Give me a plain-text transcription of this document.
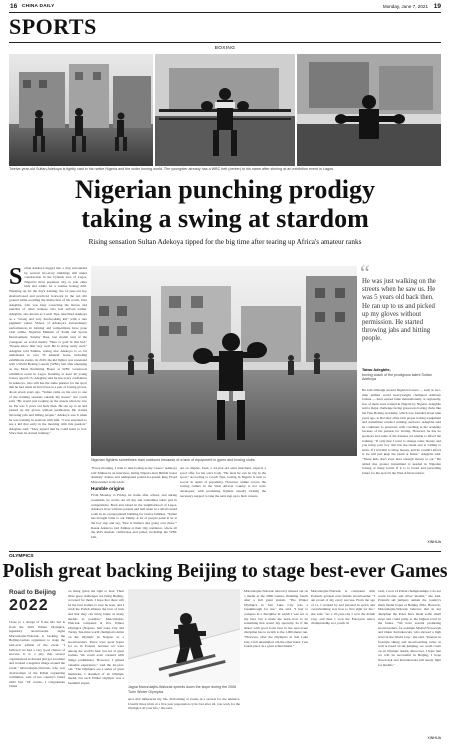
16 CHINA DAILY	Monday, June 7, 2021 19
SPORTS
BOXING
Twelve-year-old Sultan Adekoya is tightly cast in his native Nigeria and the wider boxing world. The youngster already has a WBC belt (center) to his name after shining at an exhibition event in Lagos.
Nigerian punching prodigy
taking a swing at stardom
Rising sensation Sultan Adekoya tipped for the big time after tearing up Africa's amateur ranks
S ultan Adekoya lugged into a ring surrounded by several two-story buildings still under construction in the bylands area of Lagos, Nigeria's most populous city, to join other kids and adults for a routine boxing drill. Warming up for the day's training, the 12-year-old boy shadowboxed and practiced footwork in the red dirt ground while recalling the instruction of his coach, Tobi Adegbite, who was busy correcting the moves and punches of other trainees who had arrived earlier. Adegbite, also known as Coach Tipa, described Adekoya as a "strong and very hardworking kid" with a rare pugilistic talent. Videos of Adekoya's extraordinary performances in training and competitions have gone viral online. Nigerian Minister of Youth and Sports Development, Sunday Dare, last month said of the youngster on social media: "Here is gold in this kid." "People know him very well. He is doing really well," Adegbite told Xinhua, noting that Adekoya is so far undefeated in over 50 amateur bouts, including exhibitions events. In 2019, the kid fighter was presented with a World Boxing Council (WBC) belt after emerging as the Most Promising Boxer at WBC Grassroots exhibition event in Lagos featuring at least 40 young boxers aged 6-15. Adegbite said he has every confidence in Adekoya, who still has the same passion for the sport that he had when he first tried on a pair of boxing gloves, about seven years ago. "Sultan came on his own to one of the training sessions outside my house," the coach said. "He wasn't just looking on the streets when he saw us. He was 5 years old back then. He ran up to us and picked up my gloves without permission. He started throwing jabs and hitting people." Adekoya was 6 when he was training in sessions with him. "I was surprised to see a kid that early in the morning with this passion," Adegbite said. "They agreed that he could learn to box. Since then he started training."
“
He was just walking on the streets when he saw us. He was 5 years old back then. He ran up to us and picked up my gloves without permission. He started throwing jabs and hitting people.
Taiwo Adegbite,
boxing coach of the prodigious talent Sultan Adekoya
He said although several Nigerian boxers — such as two-time unified world heavyweight champion Anthony Joshua — have earned fame internationally or regionally, few of them were trained in Nigeria by Nigeria. Adegbite said a major challenge facing grassroots boxing clubs like his Tipa Boxing Academy, which was founded about nine years ago, is that they often lack proper boxing equipment and sometimes conduct training outdoors. Adegbite said he continues to persevere with coaching at his academy because of his passion for boxing. However, he has no sponsors and some of the trainees are unable to afford the training. "If only that I want to change some money and you bring your boy that has the talent and is willing to learn. If I tell him to bring money, and he couldn't afford it, he will just keep the talent at home," Adegbite said. "These kids don't even have enough money to eat." He added that greater investment is needed in Nigerian boxing at many levels if it is to breed and prevailing future for the sport in the West African nation.
XINHUA
Nigerian fighters sometimes train outdoors because of a lack of equipment in gyms and boxing clubs.
"Every morning, I want to take boxing as my career," Adekoya told Xinhua in an interview, listing Nigeria-born British boxer Anthony Joshua and undisputed pound-for-pound king Floyd Mayweather as his idols.
Humble origins
From Monday to Friday, he trains after school, and during weekends, he works out all day and sometimes takes part in competitions. Born and raised in the neighborhood of Lagos, Adekoya lives with his parents and half sister in a small rented room in an overpopulated building for twelve families. "Sultan has brought fame to our family. A lot of people point at us at the boy step and say, 'That is Sultan's dad going over there,'" Rasak Adekoya told Xinhua at their tiny residence, where all the kid's medals, certificates and prizes, including the WBC belt,
are on display. Teen, a 44-year-old sales merchant, expects a good offer for his son's body. "He feels he can be big in the sport," According to Coach Tipa, boxing in Nigeria is next to soccer in terms of popularity. However, unlike soccer, the boxing culture in the West African country is not well-developed, with promising fighters usually lacking the necessary support to take the next step up to their careers.
OLYMPICS
Polish great backing Beijing to stage best-ever Games
Road to Beijing
2022
Close to a charge of 8 the Mo Sul is from the 2022 Winter Olympics, legendary snowboarder Jagna Marczulajtis-Walczak is backing the Beijing-Games organizers to stage the best-ever edition of the event. "I believed we had a very good chance of success. It is a pity that several organizations in Poland just got excellent and worked a negative image around the event," Marczulajtis-Walczak, who was chairwoman of the Polish organizing committee, said of her country's failed 2022 bid. "Of course, I congratulate China
on being given the right to host. Their three great challenges are being Beijing-crowned for them. I hope that there will be the best Games to ever be seen, and I wish the Polish athletes the best of luck and that they can bring home as many medals as possible." Marczulajtis-Walczak competed at five Winter Olympics (Nagano, Salt Lake City and Turin). Ten-time world champion's debut on the Olympic in Nagano as a snowboarders. There were great hopes for us in Poland, because we were among the world's best, but not at great Games. We could even contend with things preliminary. However, I gained valuable experience," said the 42-year-old. "The Olympics are a series of great memories. I dreamed of an Olympic medal, but each Winter Olympic was a beautiful experi-
Jagna Marczulajtis-Walczak speeds down the slope during the 2006 Turin Winter Olympics.
ence that influenced my life. Performing at events in a several for me athletics. Usually three trials of a five-year preparation cycle; but after all, you work for the Olympics all your life," she said.
Marczulajtis-Walczak narrowly missed out on a medal at the 2006 Games, finishing fourth after a full giant slalom. "The Winter Olympics in Salt Lake City was a breakthrough for me," she said. "I had to compete in a discipline in which I was not at my best, but it made me learn how to do something that wasn't my specialty. So if the skater with good form beat in the new-event discipline has to switch to the 1,000-meter run. "However, after the Olympics in Salt Lake City, I felt unsatisfied. On the other hand, I see fourth place as a great achievement."
Marczulajtis-Walczak is consistent with Poland's greatest ever female snowboarder. "I am proud of my every success. From the age of 11, I worked by and pursued in sports and overwhelming was how to first sight for me," she said. "As a 10-year-old, I won the Polish Cup, and then I won the European senior championship as a youth. In
total, I won 14 Polish championships. I do not count bronze and silver medals," she said. Poland's ski jumpers remain the country's main medal hopes at Beijing 2022. However, Marczulajtis-Walczak believes that in her discipline the Poles have made some small steps and could jump to the highest level in the future. "We have several promising snowboarders, for example Michal Nowaczyk and Oskar Kwiatkowski, who showed a high level in the World Cup," she said. "Interest in freestyle skiing and snowboarding twins as well is based on ski jumping, we could count on an Olympic medal. Moreover, I hope that we will be successful in Beijing, I hope Nowaczyk and Kwiatkowski will surely fight for medals."
XINHUA
